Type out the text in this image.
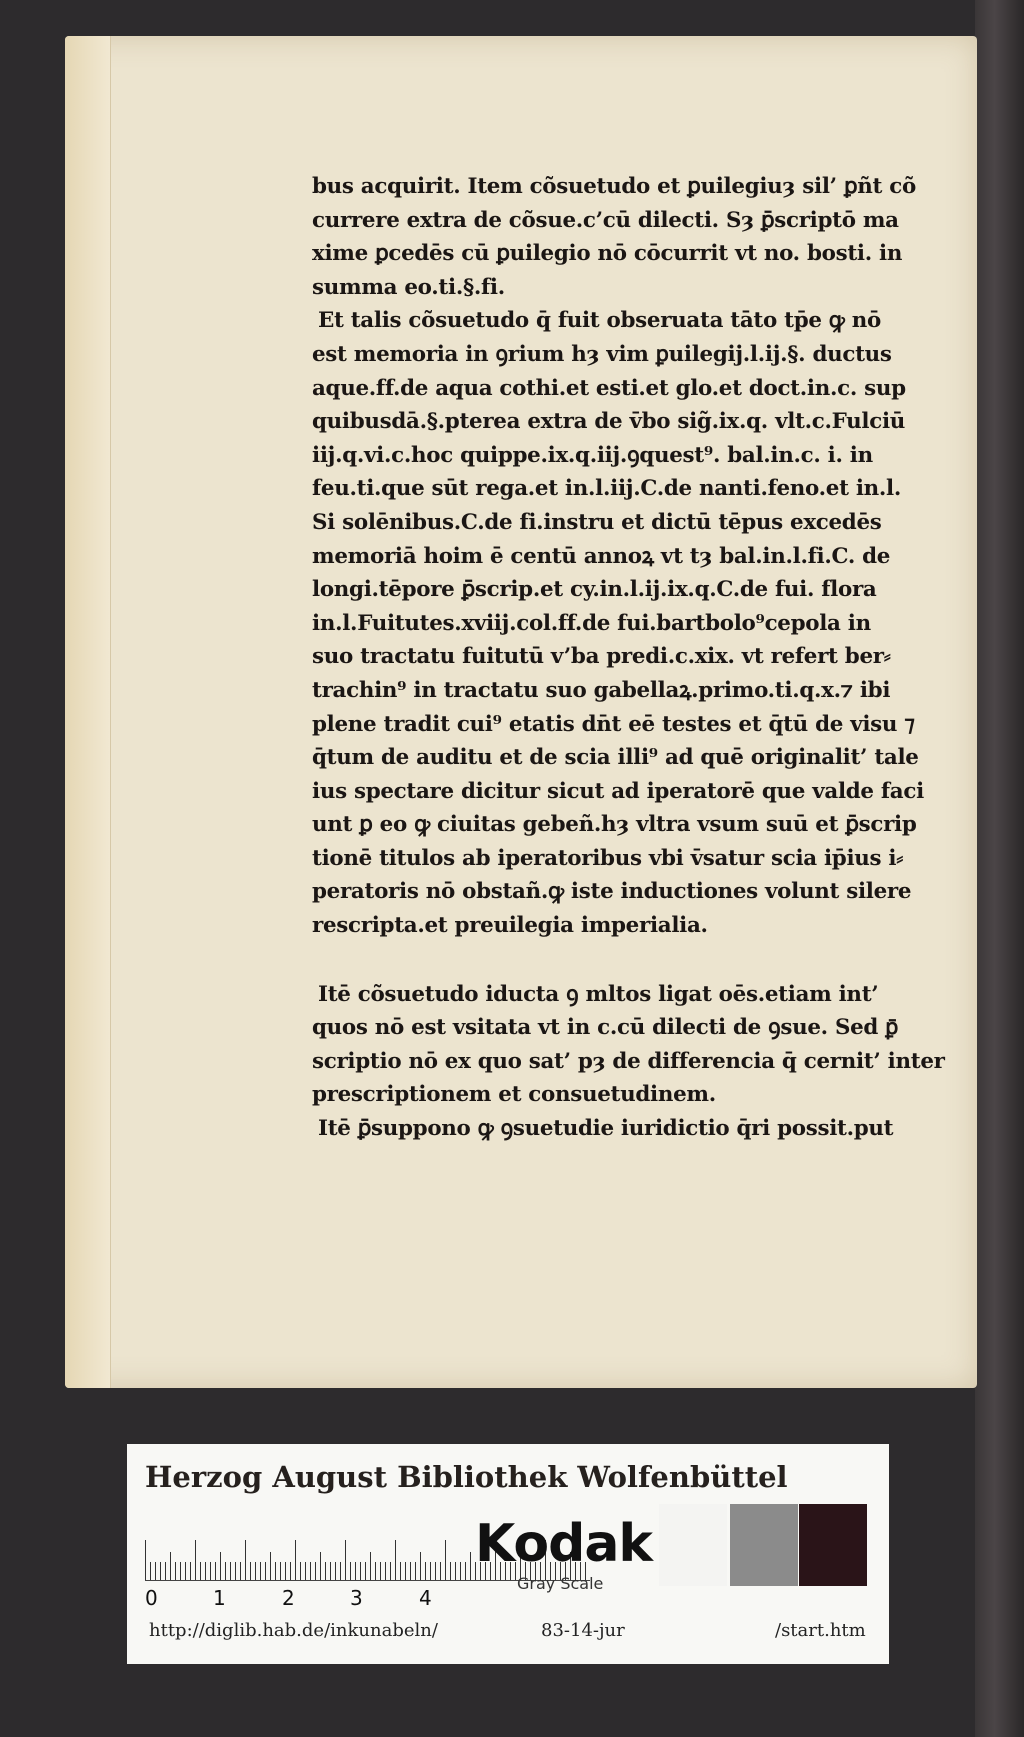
bus acquirit. Item cõsuetudo et ꝑuilegiuȝ sil’ ꝑñt cõ
currere extra de cõsue.c’cū dilecti. Sȝ ꝑ̄scriptō ma
xime ꝑcedēs cū ꝑuilegio nō cōcurrit vt no. bosti. in
summa eo.ti.§.fi.
Et talis cõsuetudo q̄ fuit obseruata tāto tp̄e ꝙ nō
est memoria in ꝯrium hȝ vim ꝑuilegij.l.ij.§. ductus
aque.ff.de aqua cothi.et esti.et glo.et doct.in.c. sup
quibusdā.§.pterea extra de v̄bo sig̃.ix.q. vlt.c.Fulciū
iij.q.vi.c.hoc quippe.ix.q.iij.ꝯquest⁹. bal.in.c. i. in
feu.ti.que sūt rega.et in.l.iij.C.de nanti.feno.et in.l.
Si solēnibus.C.de fi.instru et dictū tēpus excedēs
memoriā hoim ē centū annoꝝ vt tȝ bal.in.l.fi.C. de
longi.tēpore ꝑ̄scrip.et cy.in.l.ij.ix.q.C.de fui. flora
in.l.Fuitutes.xviij.col.ff.de fui.bartbolo⁹cepola in
suo tractatu fuitutū v’ba predi.c.xix. vt refert ber⸗
trachin⁹ in tractatu suo gabellaꝝ.primo.ti.q.x.⁊ ibi
plene tradit cui⁹ etatis dn̄t eē testes et q̄tū de visu ⁊
q̄tum de auditu et de scia illi⁹ ad quē originalit’ tale
ius spectare dicitur sicut ad iperatorē que valde faci
unt ꝑ eo ꝙ ciuitas gebeñ.hȝ vltra vsum suū et ꝑ̄scrip
tionē titulos ab iperatoribus vbi v̄satur scia ip̄ius i⸗
peratoris nō obstañ.ꝙ iste inductiones volunt silere
rescripta.et preuilegia imperialia.
Itē cõsuetudo iducta ꝯ mltos ligat oēs.etiam int’
quos nō est vsitata vt in c.cū dilecti de ꝯsue. Sed ꝑ̄
scriptio nō ex quo sat’ pȝ de differencia q̄ cernit’ inter
prescriptionem et consuetudinem.
Itē ꝑ̄suppono ꝙ ꝯsuetudie iuridictio q̄ri possit.put
Herzog August Bibliothek Wolfenbüttel
0	1	2	3	4
Kodak
Gray Scale
http://diglib.hab.de/inkunabeln/	83-14-jur	/start.htm
